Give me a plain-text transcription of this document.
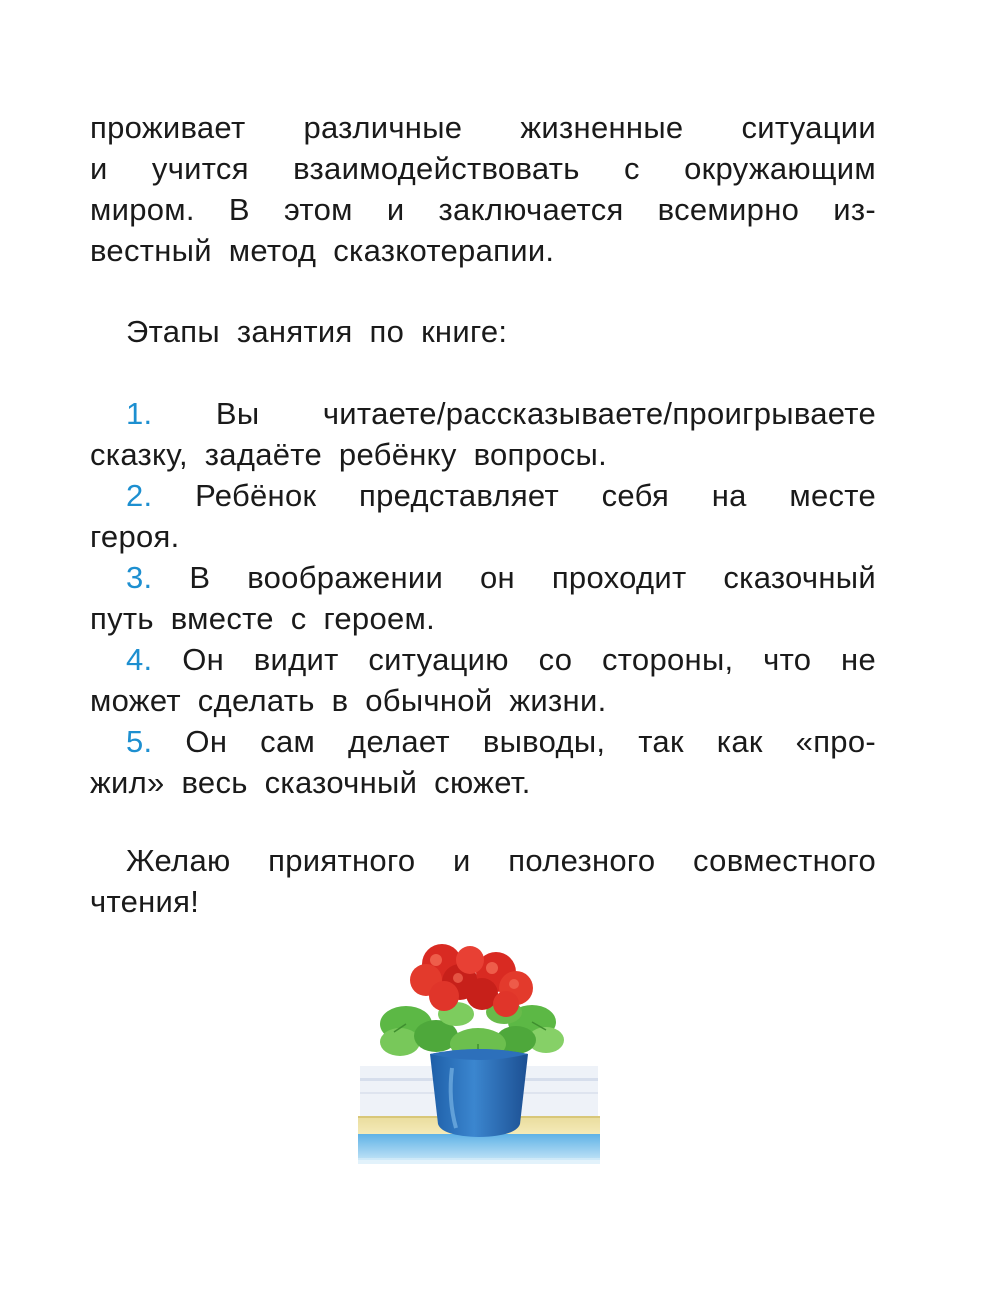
проживает различные жизненные ситуации
и учится взаимодействовать с окружающим
миром. В этом и заключается всемирно из-
вестный метод сказкотерапии.
Этапы занятия по книге:
1. Вы читаете/рассказываете/проигрываете
сказку, задаёте ребёнку вопросы.
2. Ребёнок представляет себя на месте
героя.
3. В воображении он проходит сказочный
путь вместе с героем.
4. Он видит ситуацию со стороны, что не
может сделать в обычной жизни.
5. Он сам делает выводы, так как «про-
жил» весь сказочный сюжет.
Желаю приятного и полезного совместного
чтения!
